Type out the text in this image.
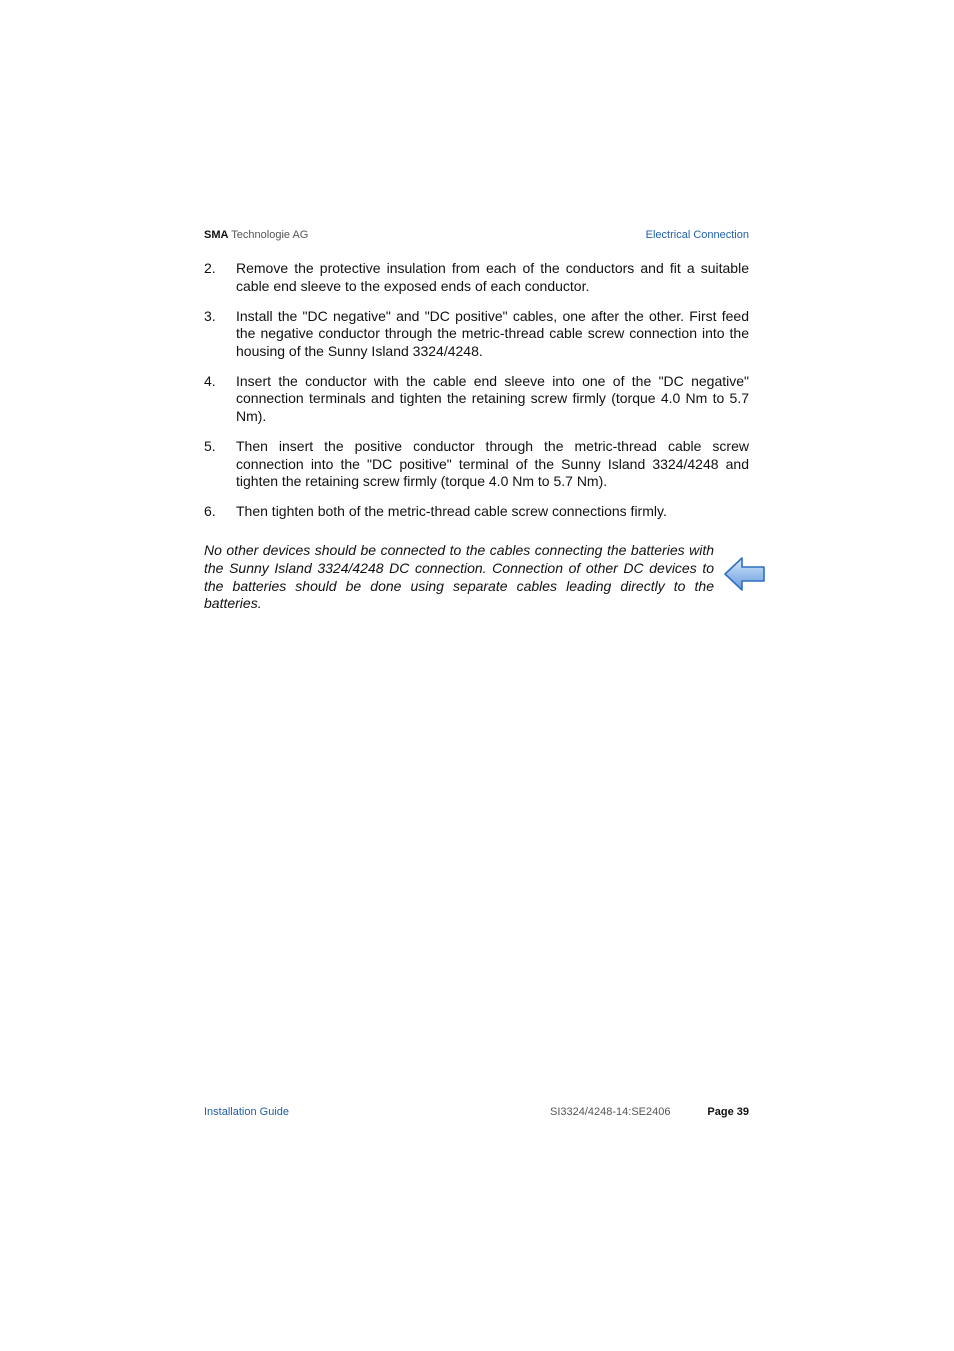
SMA Technologie AG	Electrical Connection
2. Remove the protective insulation from each of the conductors and fit a suitable cable end sleeve to the exposed ends of each conductor.
3. Install the "DC negative" and "DC positive" cables, one after the other. First feed the negative conductor through the metric-thread cable screw connection into the housing of the Sunny Island 3324/4248.
4. Insert the conductor with the cable end sleeve into one of the "DC negative" connection terminals and tighten the retaining screw firmly (torque 4.0 Nm to 5.7 Nm).
5. Then insert the positive conductor through the metric-thread cable screw connection into the "DC positive" terminal of the Sunny Island 3324/4248 and tighten the retaining screw firmly (torque 4.0 Nm to 5.7 Nm).
6. Then tighten both of the metric-thread cable screw connections firmly.
No other devices should be connected to the cables connecting the batteries with the Sunny Island 3324/4248 DC connection. Connection of other DC devices to the batteries should be done using separate cables leading directly to the batteries.
Installation Guide	SI3324/4248-14:SE2406	Page 39
